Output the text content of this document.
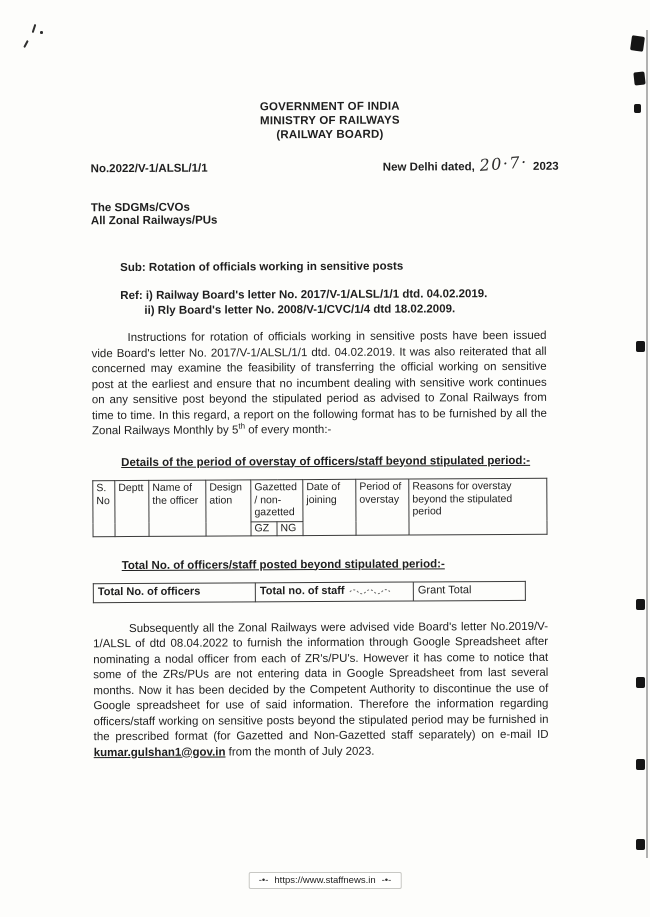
GOVERNMENT OF INDIA
MINISTRY OF RAILWAYS
(RAILWAY BOARD)
No.2022/V-1/ALSL/1/1	New Delhi dated, 20·7· 2023
The SDGMs/CVOs
All Zonal Railways/PUs
Sub: Rotation of officials working in sensitive posts
Ref: i) Railway Board's letter No. 2017/V-1/ALSL/1/1 dtd. 04.02.2019.
ii) Rly Board's letter No. 2008/V-1/CVC/1/4 dtd 18.02.2009.

Instructions for rotation of officials working in sensitive posts have been issued vide Board's letter No. 2017/V-1/ALSL/1/1 dtd. 04.02.2019. It was also reiterated that all concerned may examine the feasibility of transferring the official working on sensitive post at the earliest and ensure that no incumbent dealing with sensitive work continues on any sensitive post beyond the stipulated period as advised to Zonal Railways from time to time. In this regard, a report on the following format has to be furnished by all the Zonal Railways Monthly by 5th of every month:-

Details of the period of overstay of officers/staff beyond stipulated period:-
S.No	Deptt	Name of the officer	Designation	Gazetted / non-gazetted		Date of joining	Period of overstay	Reasons for overstay beyond the stipulated period
				GZ	NG			
Total No. of officers/staff posted beyond stipulated period:-
Total No. of officers	Total no. of staff	Grant Total

Subsequently all the Zonal Railways were advised vide Board's letter No.2019/V-1/ALSL of dtd 08.04.2022 to furnish the information through Google Spreadsheet after nominating a nodal officer from each of ZR's/PU's. However it has come to notice that some of the ZRs/PUs are not entering data in Google Spreadsheet from last several months. Now it has been decided by the Competent Authority to discontinue the use of Google spreadsheet for use of said information. Therefore the information regarding officers/staff working on sensitive posts beyond the stipulated period may be furnished in the prescribed format (for Gazetted and Non-Gazetted staff separately) on e-mail ID kumar.gulshan1@gov.in from the month of July 2023.

-•- https://www.staffnews.in -•-
